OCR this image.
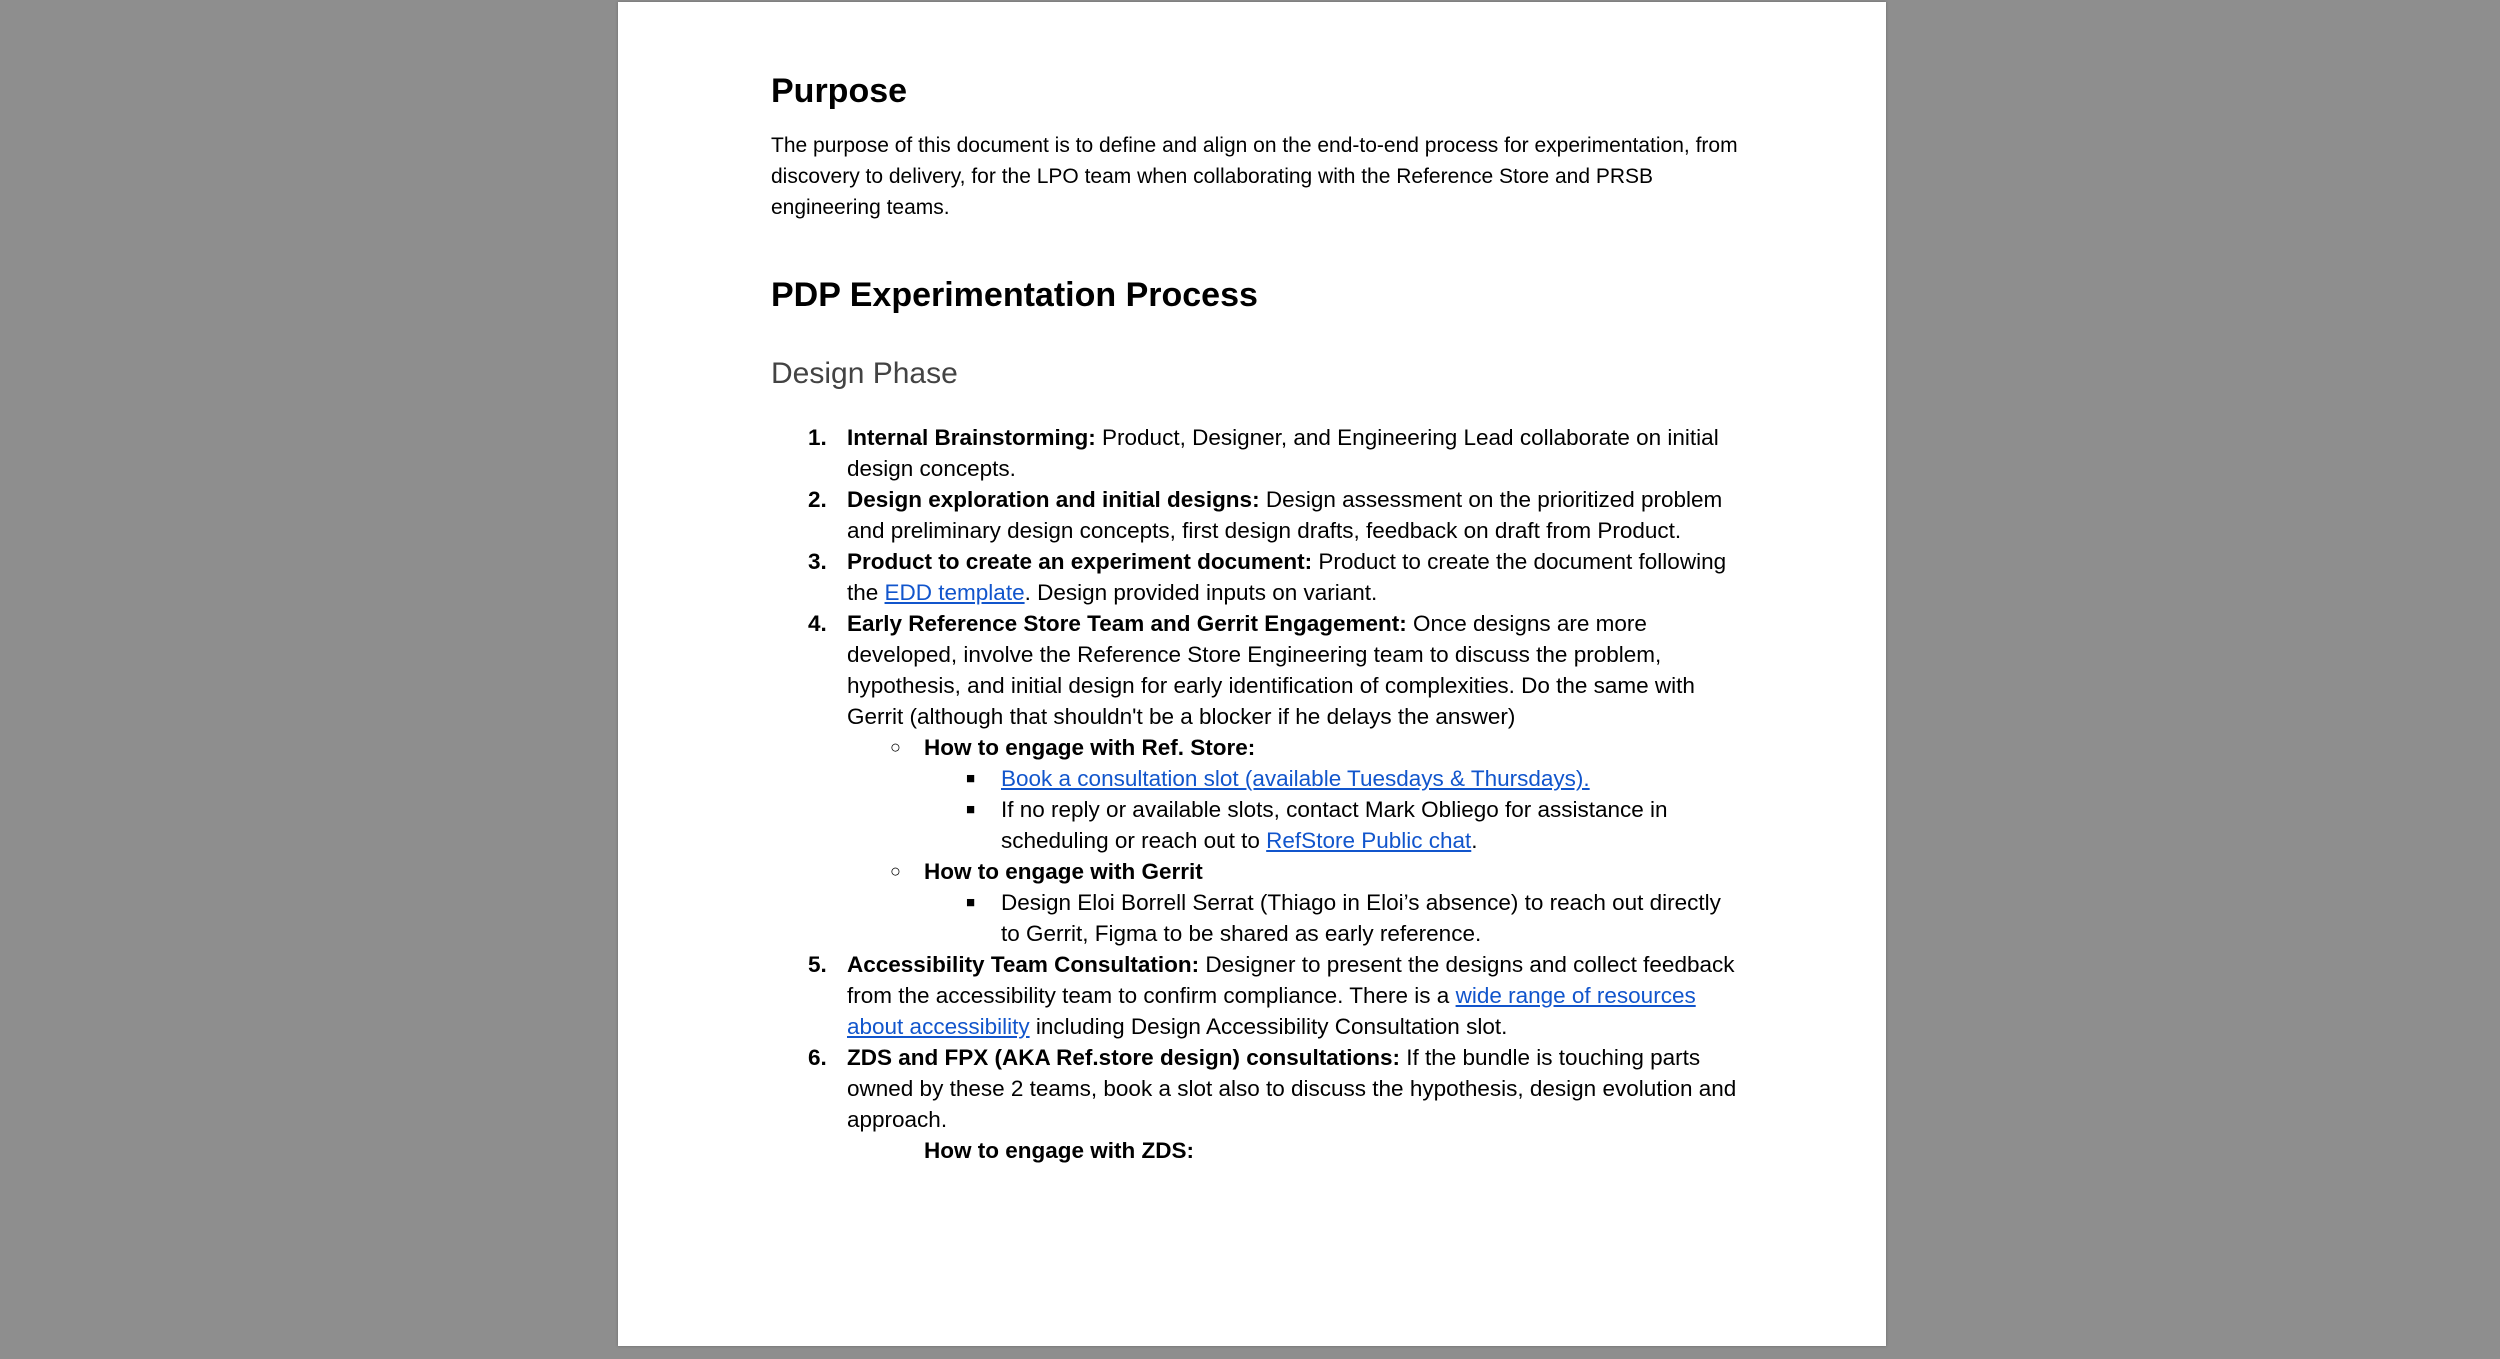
Purpose

The purpose of this document is to define and align on the end-to-end process for experimentation, from discovery to delivery, for the LPO team when collaborating with the Reference Store and PRSB engineering teams.

PDP Experimentation Process
Design Phase
1. Internal Brainstorming: Product, Designer, and Engineering Lead collaborate on initial design concepts.
2. Design exploration and initial designs: Design assessment on the prioritized problem and preliminary design concepts, first design drafts, feedback on draft from Product.
3. Product to create an experiment document: Product to create the document following the EDD template. Design provided inputs on variant.
4. Early Reference Store Team and Gerrit Engagement: Once designs are more developed, involve the Reference Store Engineering team to discuss the problem, hypothesis, and initial design for early identification of complexities. Do the same with Gerrit (although that shouldn't be a blocker if he delays the answer)
○ How to engage with Ref. Store:
■ Book a consultation slot (available Tuesdays & Thursdays).
■ If no reply or available slots, contact Mark Obliego for assistance in scheduling or reach out to RefStore Public chat.
○ How to engage with Gerrit
■ Design Eloi Borrell Serrat (Thiago in Eloi’s absence) to reach out directly to Gerrit, Figma to be shared as early reference.
5. Accessibility Team Consultation: Designer to present the designs and collect feedback from the accessibility team to confirm compliance. There is a wide range of resources about accessibility including Design Accessibility Consultation slot.
6. ZDS and FPX (AKA Ref.store design) consultations: If the bundle is touching parts owned by these 2 teams, book a slot also to discuss the hypothesis, design evolution and approach.
How to engage with ZDS:
